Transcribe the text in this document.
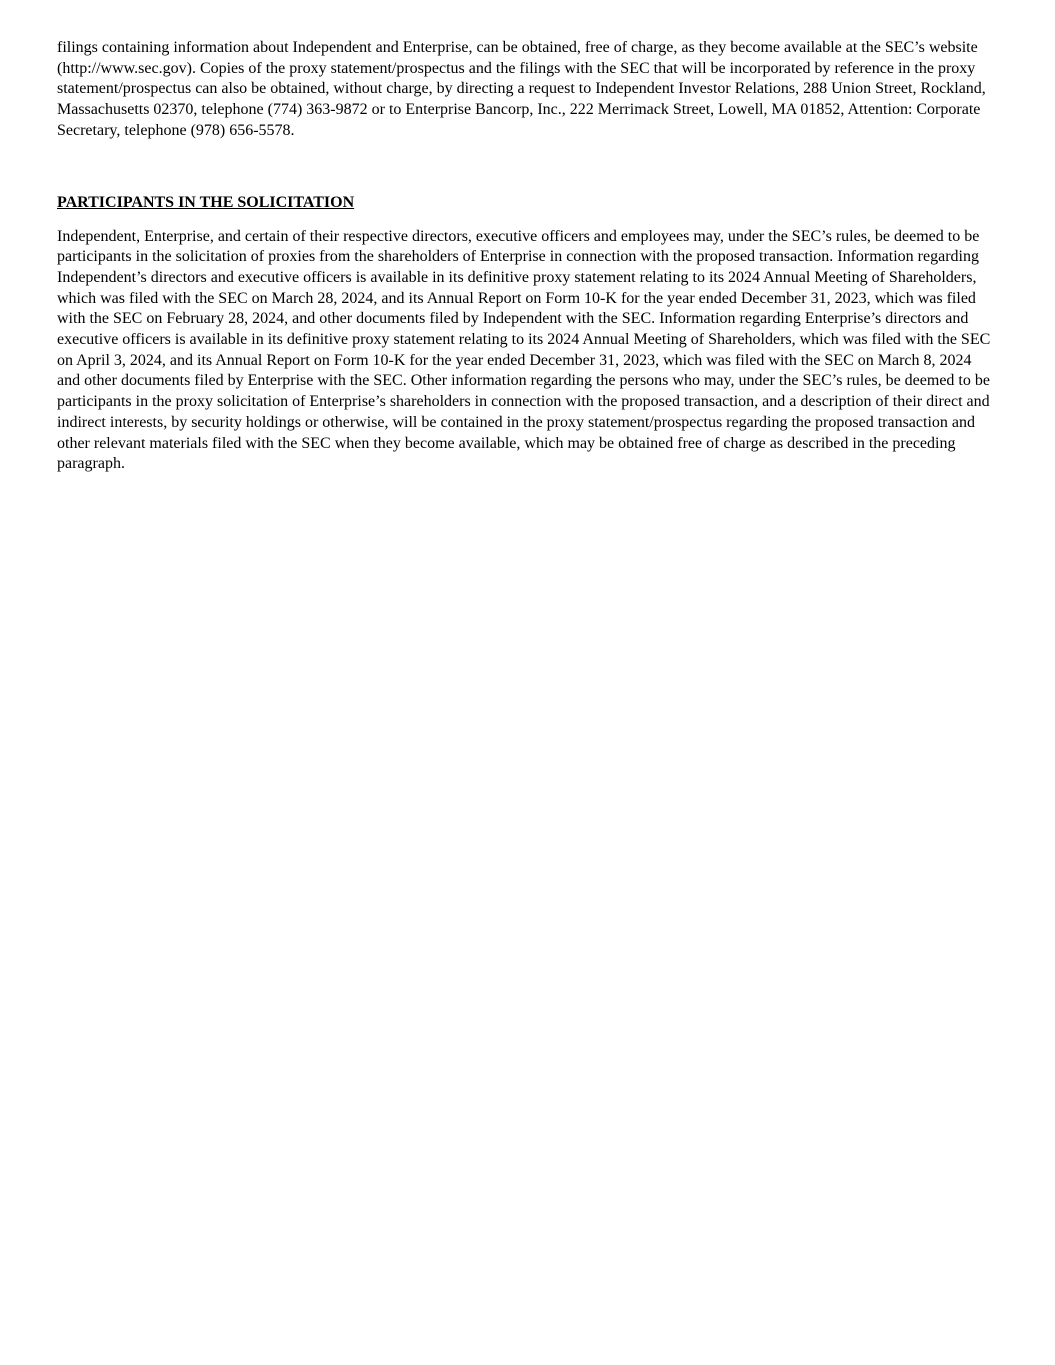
filings containing information about Independent and Enterprise, can be obtained, free of charge, as they become available at the SEC’s website (http://www.sec.gov). Copies of the proxy statement/prospectus and the filings with the SEC that will be incorporated by reference in the proxy statement/prospectus can also be obtained, without charge, by directing a request to Independent Investor Relations, 288 Union Street, Rockland, Massachusetts 02370, telephone (774) 363-9872 or to Enterprise Bancorp, Inc., 222 Merrimack Street, Lowell, MA 01852, Attention: Corporate Secretary, telephone (978) 656-5578.

PARTICIPANTS IN THE SOLICITATION

Independent, Enterprise, and certain of their respective directors, executive officers and employees may, under the SEC’s rules, be deemed to be participants in the solicitation of proxies from the shareholders of Enterprise in connection with the proposed transaction. Information regarding Independent’s directors and executive officers is available in its definitive proxy statement relating to its 2024 Annual Meeting of Shareholders, which was filed with the SEC on March 28, 2024, and its Annual Report on Form 10-K for the year ended December 31, 2023, which was filed with the SEC on February 28, 2024, and other documents filed by Independent with the SEC. Information regarding Enterprise’s directors and executive officers is available in its definitive proxy statement relating to its 2024 Annual Meeting of Shareholders, which was filed with the SEC on April 3, 2024, and its Annual Report on Form 10-K for the year ended December 31, 2023, which was filed with the SEC on March 8, 2024 and other documents filed by Enterprise with the SEC. Other information regarding the persons who may, under the SEC’s rules, be deemed to be participants in the proxy solicitation of Enterprise’s shareholders in connection with the proposed transaction, and a description of their direct and indirect interests, by security holdings or otherwise, will be contained in the proxy statement/prospectus regarding the proposed transaction and other relevant materials filed with the SEC when they become available, which may be obtained free of charge as described in the preceding paragraph.
